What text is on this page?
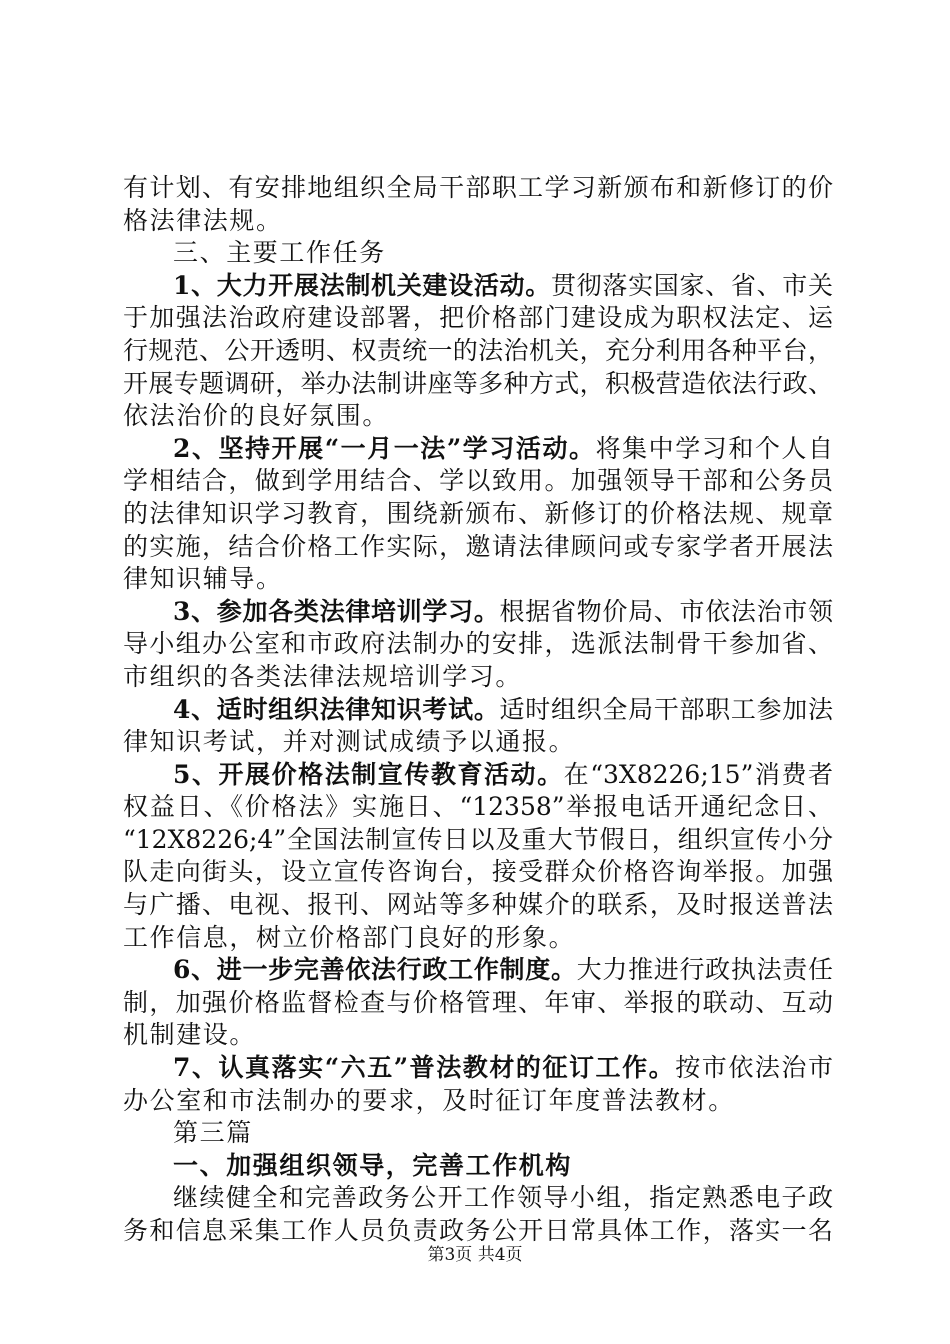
有计划、有安排地组织全局干部职工学习新颁布和新修订的价
格法律法规。
三、主要工作任务
1、大力开展法制机关建设活动。贯彻落实国家、省、市关
于加强法治政府建设部署，把价格部门建设成为职权法定、运
行规范、公开透明、权责统一的法治机关，充分利用各种平台，
开展专题调研，举办法制讲座等多种方式，积极营造依法行政、
依法治价的良好氛围。
2、坚持开展“一月一法”学习活动。将集中学习和个人自
学相结合，做到学用结合、学以致用。加强领导干部和公务员
的法律知识学习教育，围绕新颁布、新修订的价格法规、规章
的实施，结合价格工作实际，邀请法律顾问或专家学者开展法
律知识辅导。
3、参加各类法律培训学习。根据省物价局、市依法治市领
导小组办公室和市政府法制办的安排，选派法制骨干参加省、
市组织的各类法律法规培训学习。
4、适时组织法律知识考试。适时组织全局干部职工参加法
律知识考试，并对测试成绩予以通报。
5、开展价格法制宣传教育活动。在“3X8226;15”消费者
权益日、《价格法》实施日、“12358”举报电话开通纪念日、
“12X8226;4”全国法制宣传日以及重大节假日，组织宣传小分
队走向街头，设立宣传咨询台，接受群众价格咨询举报。加强
与广播、电视、报刊、网站等多种媒介的联系，及时报送普法
工作信息，树立价格部门良好的形象。
6、进一步完善依法行政工作制度。大力推进行政执法责任
制，加强价格监督检查与价格管理、年审、举报的联动、互动
机制建设。
7、认真落实“六五”普法教材的征订工作。按市依法治市
办公室和市法制办的要求，及时征订年度普法教材。
第三篇
一、加强组织领导，完善工作机构
继续健全和完善政务公开工作领导小组，指定熟悉电子政
务和信息采集工作人员负责政务公开日常具体工作，落实一名
第3页 共4页
